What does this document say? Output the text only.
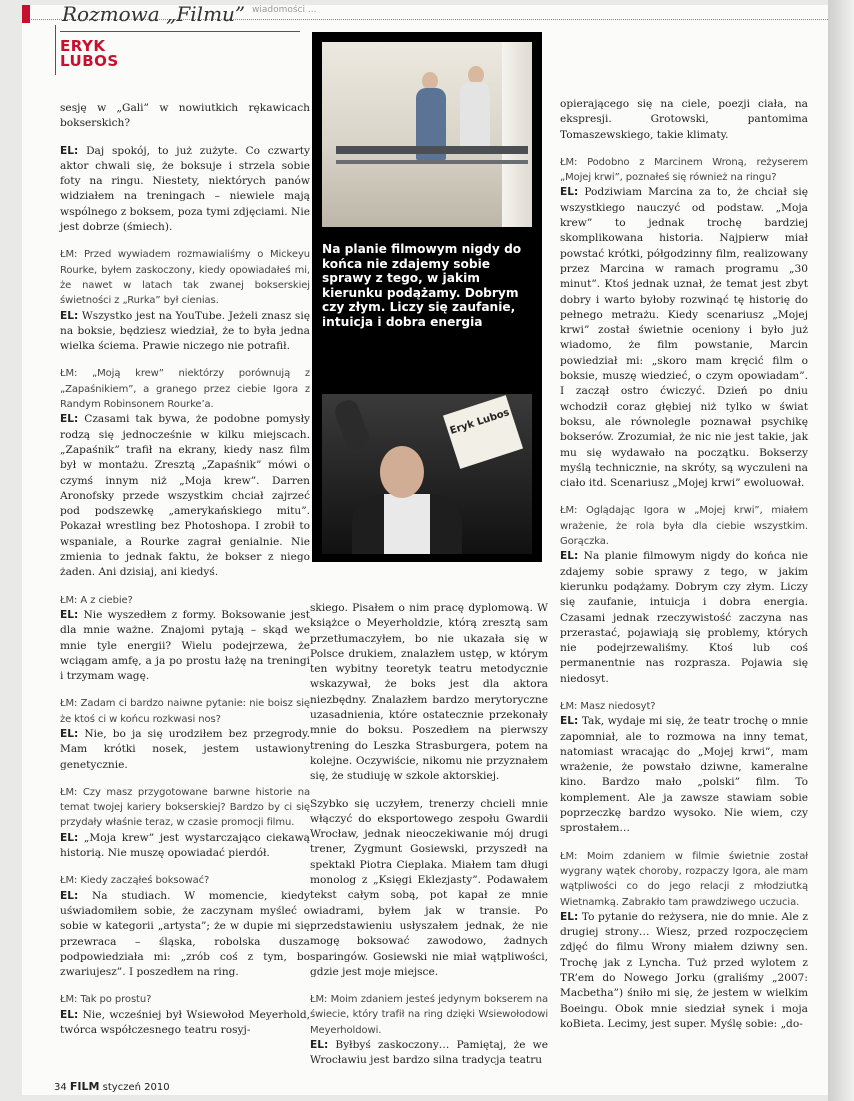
Rozmowa „Filmu” wiadomości ...
ERYK
LUBOS

sesję w „Gali” w nowiutkich rękawicach bokserskich?

EL: Daj spokój, to już zużyte. Co czwarty aktor chwali się, że boksuje i strzela sobie foty na ringu. Niestety, niektórych panów widziałem na treningach – niewiele mają wspólnego z boksem, poza tymi zdjęciami. Nie jest dobrze (śmiech).

ŁM: Przed wywiadem rozmawialiśmy o Mickeyu Rourke, byłem zaskoczony, kiedy opowiadałeś mi, że nawet w latach tak zwanej bokserskiej świetności z „Rurka” był cienias.
EL: Wszystko jest na YouTube. Jeżeli znasz się na boksie, będziesz wiedział, że to była jedna wielka ściema. Prawie niczego nie potrafił.

ŁM: „Moją krew” niektórzy porównują z „Zapaśnikiem”, a granego przez ciebie Igora z Randym Robinsonem Rourke’a.
EL: Czasami tak bywa, że podobne pomysły rodzą się jednocześnie w kilku miejscach. „Zapaśnik” trafił na ekrany, kiedy nasz film był w montażu. Zresztą „Zapaśnik” mówi o czymś innym niż „Moja krew”. Darren Aronofsky przede wszystkim chciał zajrzeć pod podszewkę „amerykańskiego mitu”. Pokazał wrestling bez Photoshopa. I zrobił to wspaniale, a Rourke zagrał genialnie. Nie zmienia to jednak faktu, że bokser z niego żaden. Ani dzisiaj, ani kiedyś.

ŁM: A z ciebie?
EL: Nie wyszedłem z formy. Boksowanie jest dla mnie ważne. Znajomi pytają – skąd we mnie tyle energii? Wielu podejrzewa, że wciągam amfę, a ja po prostu łażę na treningi i trzymam wagę.

ŁM: Zadam ci bardzo naiwne pytanie: nie boisz się że ktoś ci w końcu rozkwasi nos?
EL: Nie, bo ja się urodziłem bez przegrody. Mam krótki nosek, jestem ustawiony genetycznie.

ŁM: Czy masz przygotowane barwne historie na temat twojej kariery bokserskiej? Bardzo by ci się przydały właśnie teraz, w czasie promocji filmu.
EL: „Moja krew” jest wystarczająco ciekawą historią. Nie muszę opowiadać pierdół.

ŁM: Kiedy zacząłeś boksować?
EL: Na studiach. W momencie, kiedy uświadomiłem sobie, że zaczynam myśleć o sobie w kategorii „artysta”; że w dupie mi się przewraca – śląska, robolska dusza podpowiedziała mi: „zrób coś z tym, bo zwariujesz”. I poszedłem na ring.

ŁM: Tak po prostu?
EL: Nie, wcześniej był Wsiewołod Meyerhold, twórca współczesnego teatru rosyj-

skiego. Pisałem o nim pracę dyplomową. W książce o Meyerholdzie, którą zresztą sam przetłumaczyłem, bo nie ukazała się w Polsce drukiem, znalazłem ustęp, w którym ten wybitny teoretyk teatru metodycznie wskazywał, że boks jest dla aktora niezbędny. Znalazłem bardzo merytoryczne uzasadnienia, które ostatecznie przekonały mnie do boksu. Poszedłem na pierwszy trening do Leszka Strasburgera, potem na kolejne. Oczywiście, nikomu nie przyznałem się, że studiuję w szkole aktorskiej.

Szybko się uczyłem, trenerzy chcieli mnie włączyć do eksportowego zespołu Gwardii Wrocław, jednak nieoczekiwanie mój drugi trener, Zygmunt Gosiewski, przyszedł na spektakl Piotra Cieplaka. Miałem tam długi monolog z „Księgi Eklezjasty”. Podawałem tekst całym sobą, pot kapał ze mnie wiadrami, byłem jak w transie. Po przedstawieniu usłyszałem jednak, że nie mogę boksować zawodowo, żadnych sparingów. Gosiewski nie miał wątpliwości, gdzie jest moje miejsce.

ŁM: Moim zdaniem jesteś jedynym bokserem na świecie, który trafił na ring dzięki Wsiewołodowi Meyerholdowi.
EL: Byłbyś zaskoczony… Pamiętaj, że we Wrocławiu jest bardzo silna tradycja teatru

opierającego się na ciele, poezji ciała, na ekspresji. Grotowski, pantomima Tomaszewskiego, takie klimaty.

ŁM: Podobno z Marcinem Wroną, reżyserem „Mojej krwi”, poznałeś się również na ringu?
EL: Podziwiam Marcina za to, że chciał się wszystkiego nauczyć od podstaw. „Moja krew” to jednak trochę bardziej skomplikowana historia. Najpierw miał powstać krótki, półgodzinny film, realizowany przez Marcina w ramach programu „30 minut”. Ktoś jednak uznał, że temat jest zbyt dobry i warto byłoby rozwinąć tę historię do pełnego metrażu. Kiedy scenariusz „Mojej krwi” został świetnie oceniony i było już wiadomo, że film powstanie, Marcin powiedział mi: „skoro mam kręcić film o boksie, muszę wiedzieć, o czym opowiadam”. I zaczął ostro ćwiczyć. Dzień po dniu wchodził coraz głębiej niż tylko w świat boksu, ale równolegle poznawał psychikę bokserów. Zrozumiał, że nic nie jest takie, jak mu się wydawało na początku. Bokserzy myślą technicznie, na skróty, są wyczuleni na ciało itd. Scenariusz „Mojej krwi” ewoluował.

ŁM: Oglądając Igora w „Mojej krwi”, miałem wrażenie, że rola była dla ciebie wszystkim. Gorączka.
EL: Na planie filmowym nigdy do końca nie zdajemy sobie sprawy z tego, w jakim kierunku podążamy. Dobrym czy złym. Liczy się zaufanie, intuicja i dobra energia. Czasami jednak rzeczywistość zaczyna nas przerastać, pojawiają się problemy, których nie podejrzewaliśmy. Ktoś lub coś permanentnie nas rozprasza. Pojawia się niedosyt.

ŁM: Masz niedosyt?
EL: Tak, wydaje mi się, że teatr trochę o mnie zapomniał, ale to rozmowa na inny temat, natomiast wracając do „Mojej krwi”, mam wrażenie, że powstało dziwne, kameralne kino. Bardzo mało „polski” film. To komplement. Ale ja zawsze stawiam sobie poprzeczkę bardzo wysoko. Nie wiem, czy sprostałem…

ŁM: Moim zdaniem w filmie świetnie został wygrany wątek choroby, rozpaczy Igora, ale mam wątpliwości co do jego relacji z młodziutką Wietnamką. Zabrakło tam prawdziwego uczucia.
EL: To pytanie do reżysera, nie do mnie. Ale z drugiej strony… Wiesz, przed rozpoczęciem zdjęć do filmu Wrony miałem dziwny sen. Trochę jak z Lyncha. Tuż przed wylotem z TR’em do Nowego Jorku (graliśmy „2007: Macbetha”) śniło mi się, że jestem w wielkim Boeingu. Obok mnie siedział synek i moja koBieta. Lecimy, jest super. Myślę sobie: „do-

Na planie filmowym nigdy do końca nie zdajemy sobie sprawy z tego, w jakim kierunku podążamy. Dobrym czy złym. Liczy się zaufanie, intuicja i dobra energia
Eryk Lubos
34 FILM styczeń 2010
